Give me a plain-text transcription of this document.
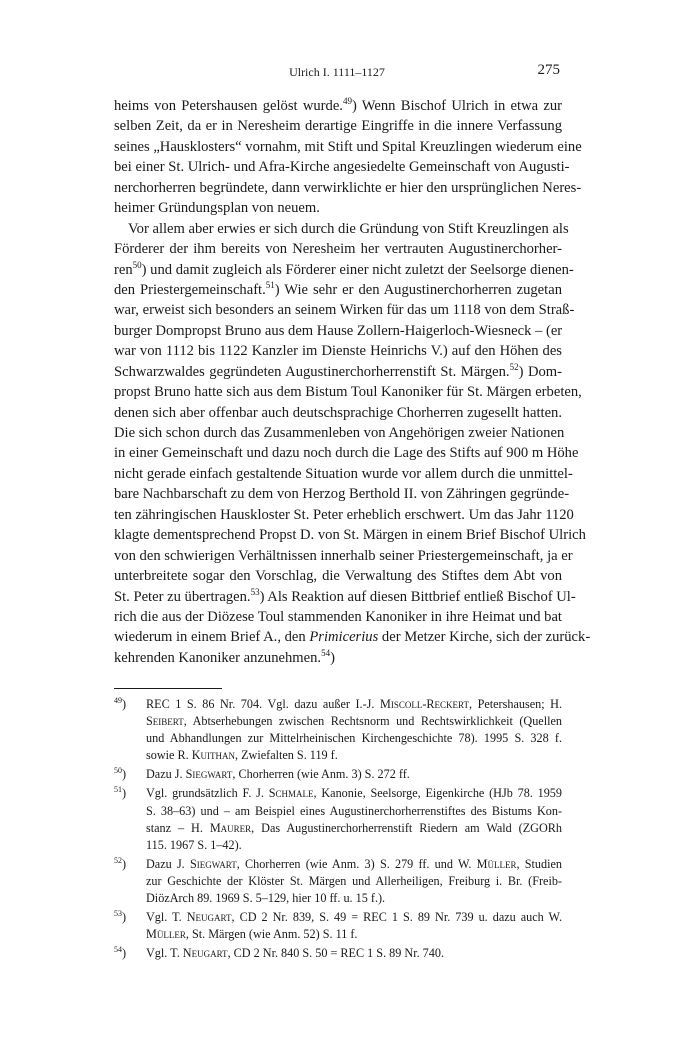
Ulrich I. 1111–1127	275
heims von Petershausen gelöst wurde.$^{49}$) Wenn Bischof Ulrich in etwa zur
selben Zeit, da er in Neresheim derartige Eingriffe in die innere Verfassung
seines „Hausklosters“ vornahm, mit Stift und Spital Kreuzlingen wiederum eine
bei einer St. Ulrich- und Afra-Kirche angesiedelte Gemeinschaft von Augusti-
nerchorherren begründete, dann verwirklichte er hier den ursprünglichen Neres-
heimer Gründungsplan von neuem.
Vor allem aber erwies er sich durch die Gründung von Stift Kreuzlingen als
Förderer der ihm bereits von Neresheim her vertrauten Augustinerchorher-
ren$^{50}$) und damit zugleich als Förderer einer nicht zuletzt der Seelsorge dienen-
den Priestergemeinschaft.$^{51}$) Wie sehr er den Augustinerchorherren zugetan
war, erweist sich besonders an seinem Wirken für das um 1118 von dem Straß-
burger Dompropst Bruno aus dem Hause Zollern-Haigerloch-Wiesneck – (er
war von 1112 bis 1122 Kanzler im Dienste Heinrichs V.) auf den Höhen des
Schwarzwaldes gegründeten Augustinerchorherrenstift St. Märgen.$^{52}$) Dom-
propst Bruno hatte sich aus dem Bistum Toul Kanoniker für St. Märgen erbeten,
denen sich aber offenbar auch deutschsprachige Chorherren zugesellt hatten.
Die sich schon durch das Zusammenleben von Angehörigen zweier Nationen
in einer Gemeinschaft und dazu noch durch die Lage des Stifts auf 900 m Höhe
nicht gerade einfach gestaltende Situation wurde vor allem durch die unmittel-
bare Nachbarschaft zu dem von Herzog Berthold II. von Zähringen gegründe-
ten zähringischen Hauskloster St. Peter erheblich erschwert. Um das Jahr 1120
klagte dementsprechend Propst D. von St. Märgen in einem Brief Bischof Ulrich
von den schwierigen Verhältnissen innerhalb seiner Priestergemeinschaft, ja er
unterbreitete sogar den Vorschlag, die Verwaltung des Stiftes dem Abt von
St. Peter zu übertragen.$^{53}$) Als Reaktion auf diesen Bittbrief entließ Bischof Ul-
rich die aus der Diözese Toul stammenden Kanoniker in ihre Heimat und bat
wiederum in einem Brief A., den Primicerius der Metzer Kirche, sich der zurück-
kehrenden Kanoniker anzunehmen.$^{54}$)
$^{49}$)	REC 1 S. 86 Nr. 704. Vgl. dazu außer I.-J. Miscoll-Reckert, Petershausen; H.
Seibert, Abtserhebungen zwischen Rechtsnorm und Rechtswirklichkeit (Quellen
und Abhandlungen zur Mittelrheinischen Kirchengeschichte 78). 1995 S. 328 f.
sowie R. Kuithan, Zwiefalten S. 119 f.
$^{50}$)	Dazu J. Siegwart, Chorherren (wie Anm. 3) S. 272 ff.
$^{51}$)	Vgl. grundsätzlich F. J. Schmale, Kanonie, Seelsorge, Eigenkirche (HJb 78. 1959
S. 38–63) und – am Beispiel eines Augustinerchorherrenstiftes des Bistums Kon-
stanz – H. Maurer, Das Augustinerchorherrenstift Riedern am Wald (ZGORh
115. 1967 S. 1–42).
$^{52}$)	Dazu J. Siegwart, Chorherren (wie Anm. 3) S. 279 ff. und W. Müller, Studien
zur Geschichte der Klöster St. Märgen und Allerheiligen, Freiburg i. Br. (Freib-
DiözArch 89. 1969 S. 5–129, hier 10 ff. u. 15 f.).
$^{53}$)	Vgl. T. Neugart, CD 2 Nr. 839, S. 49 = REC 1 S. 89 Nr. 739 u. dazu auch W.
Müller, St. Märgen (wie Anm. 52) S. 11 f.
$^{54}$)	Vgl. T. Neugart, CD 2 Nr. 840 S. 50 = REC 1 S. 89 Nr. 740.
